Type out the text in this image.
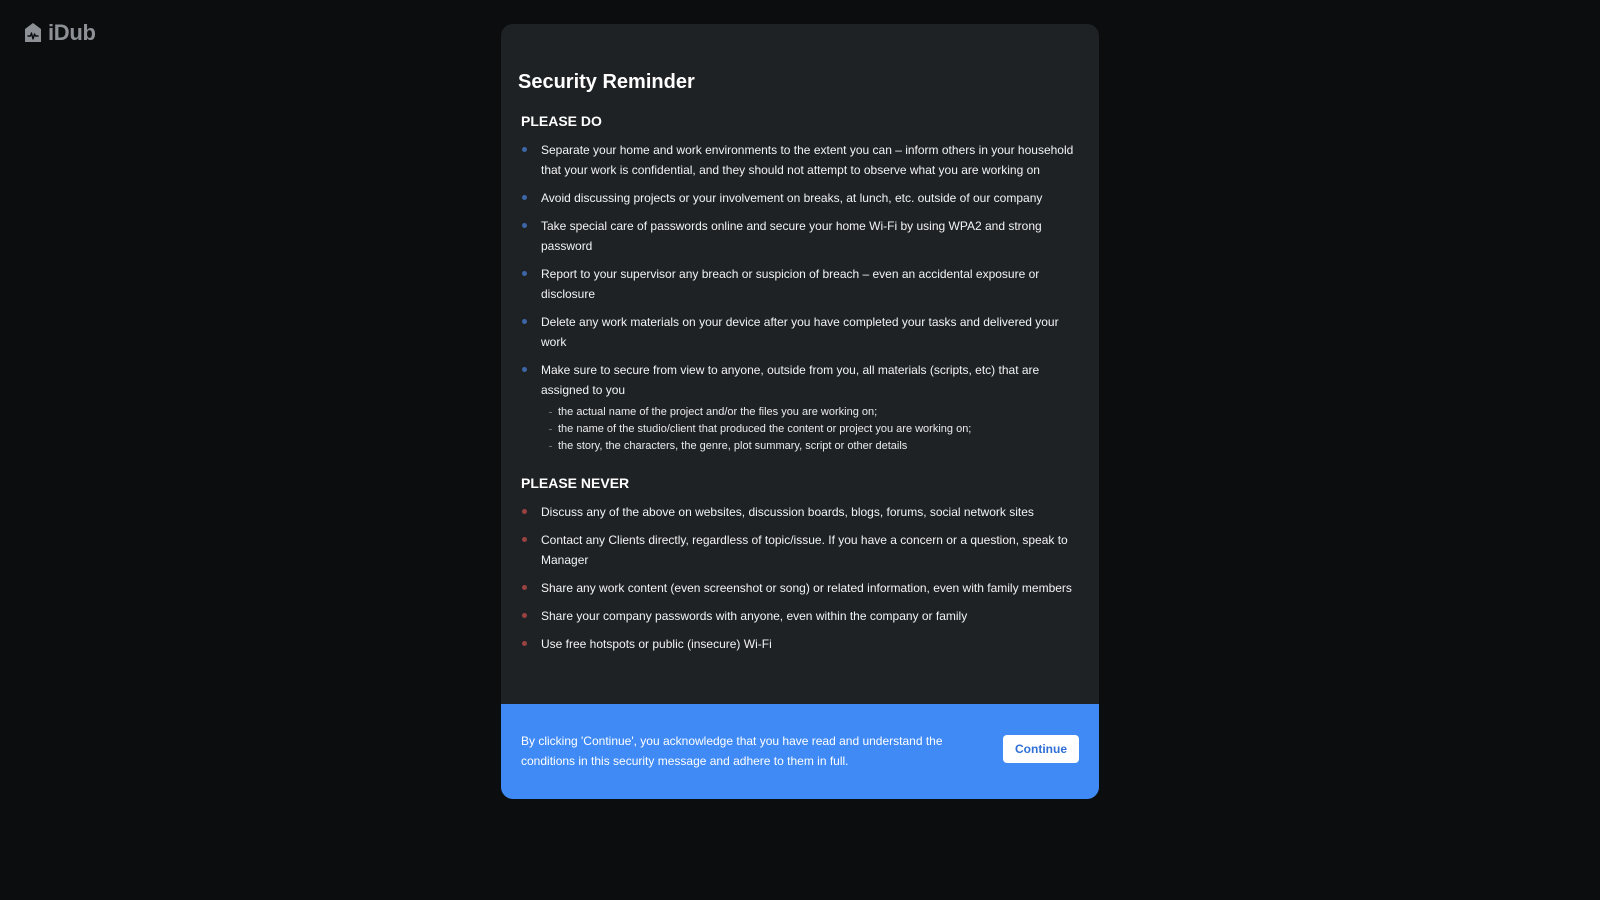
iDub
Security Reminder
PLEASE DO
Separate your home and work environments to the extent you can – inform others in your household that your work is confidential, and they should not attempt to observe what you are working on
Avoid discussing projects or your involvement on breaks, at lunch, etc. outside of our company
Take special care of passwords online and secure your home Wi-Fi by using WPA2 and strong password
Report to your supervisor any breach or suspicion of breach – even an accidental exposure or disclosure
Delete any work materials on your device after you have completed your tasks and delivered your work
Make sure to secure from view to anyone, outside from you, all materials (scripts, etc) that are assigned to you
the actual name of the project and/or the files you are working on;
the name of the studio/client that produced the content or project you are working on;
the story, the characters, the genre, plot summary, script or other details
PLEASE NEVER
Discuss any of the above on websites, discussion boards, blogs, forums, social network sites
Contact any Clients directly, regardless of topic/issue. If you have a concern or a question, speak to Manager
Share any work content (even screenshot or song) or related information, even with family members
Share your company passwords with anyone, even within the company or family
Use free hotspots or public (insecure) Wi-Fi
By clicking 'Continue', you acknowledge that you have read and understand the conditions in this security message and adhere to them in full.
Continue
